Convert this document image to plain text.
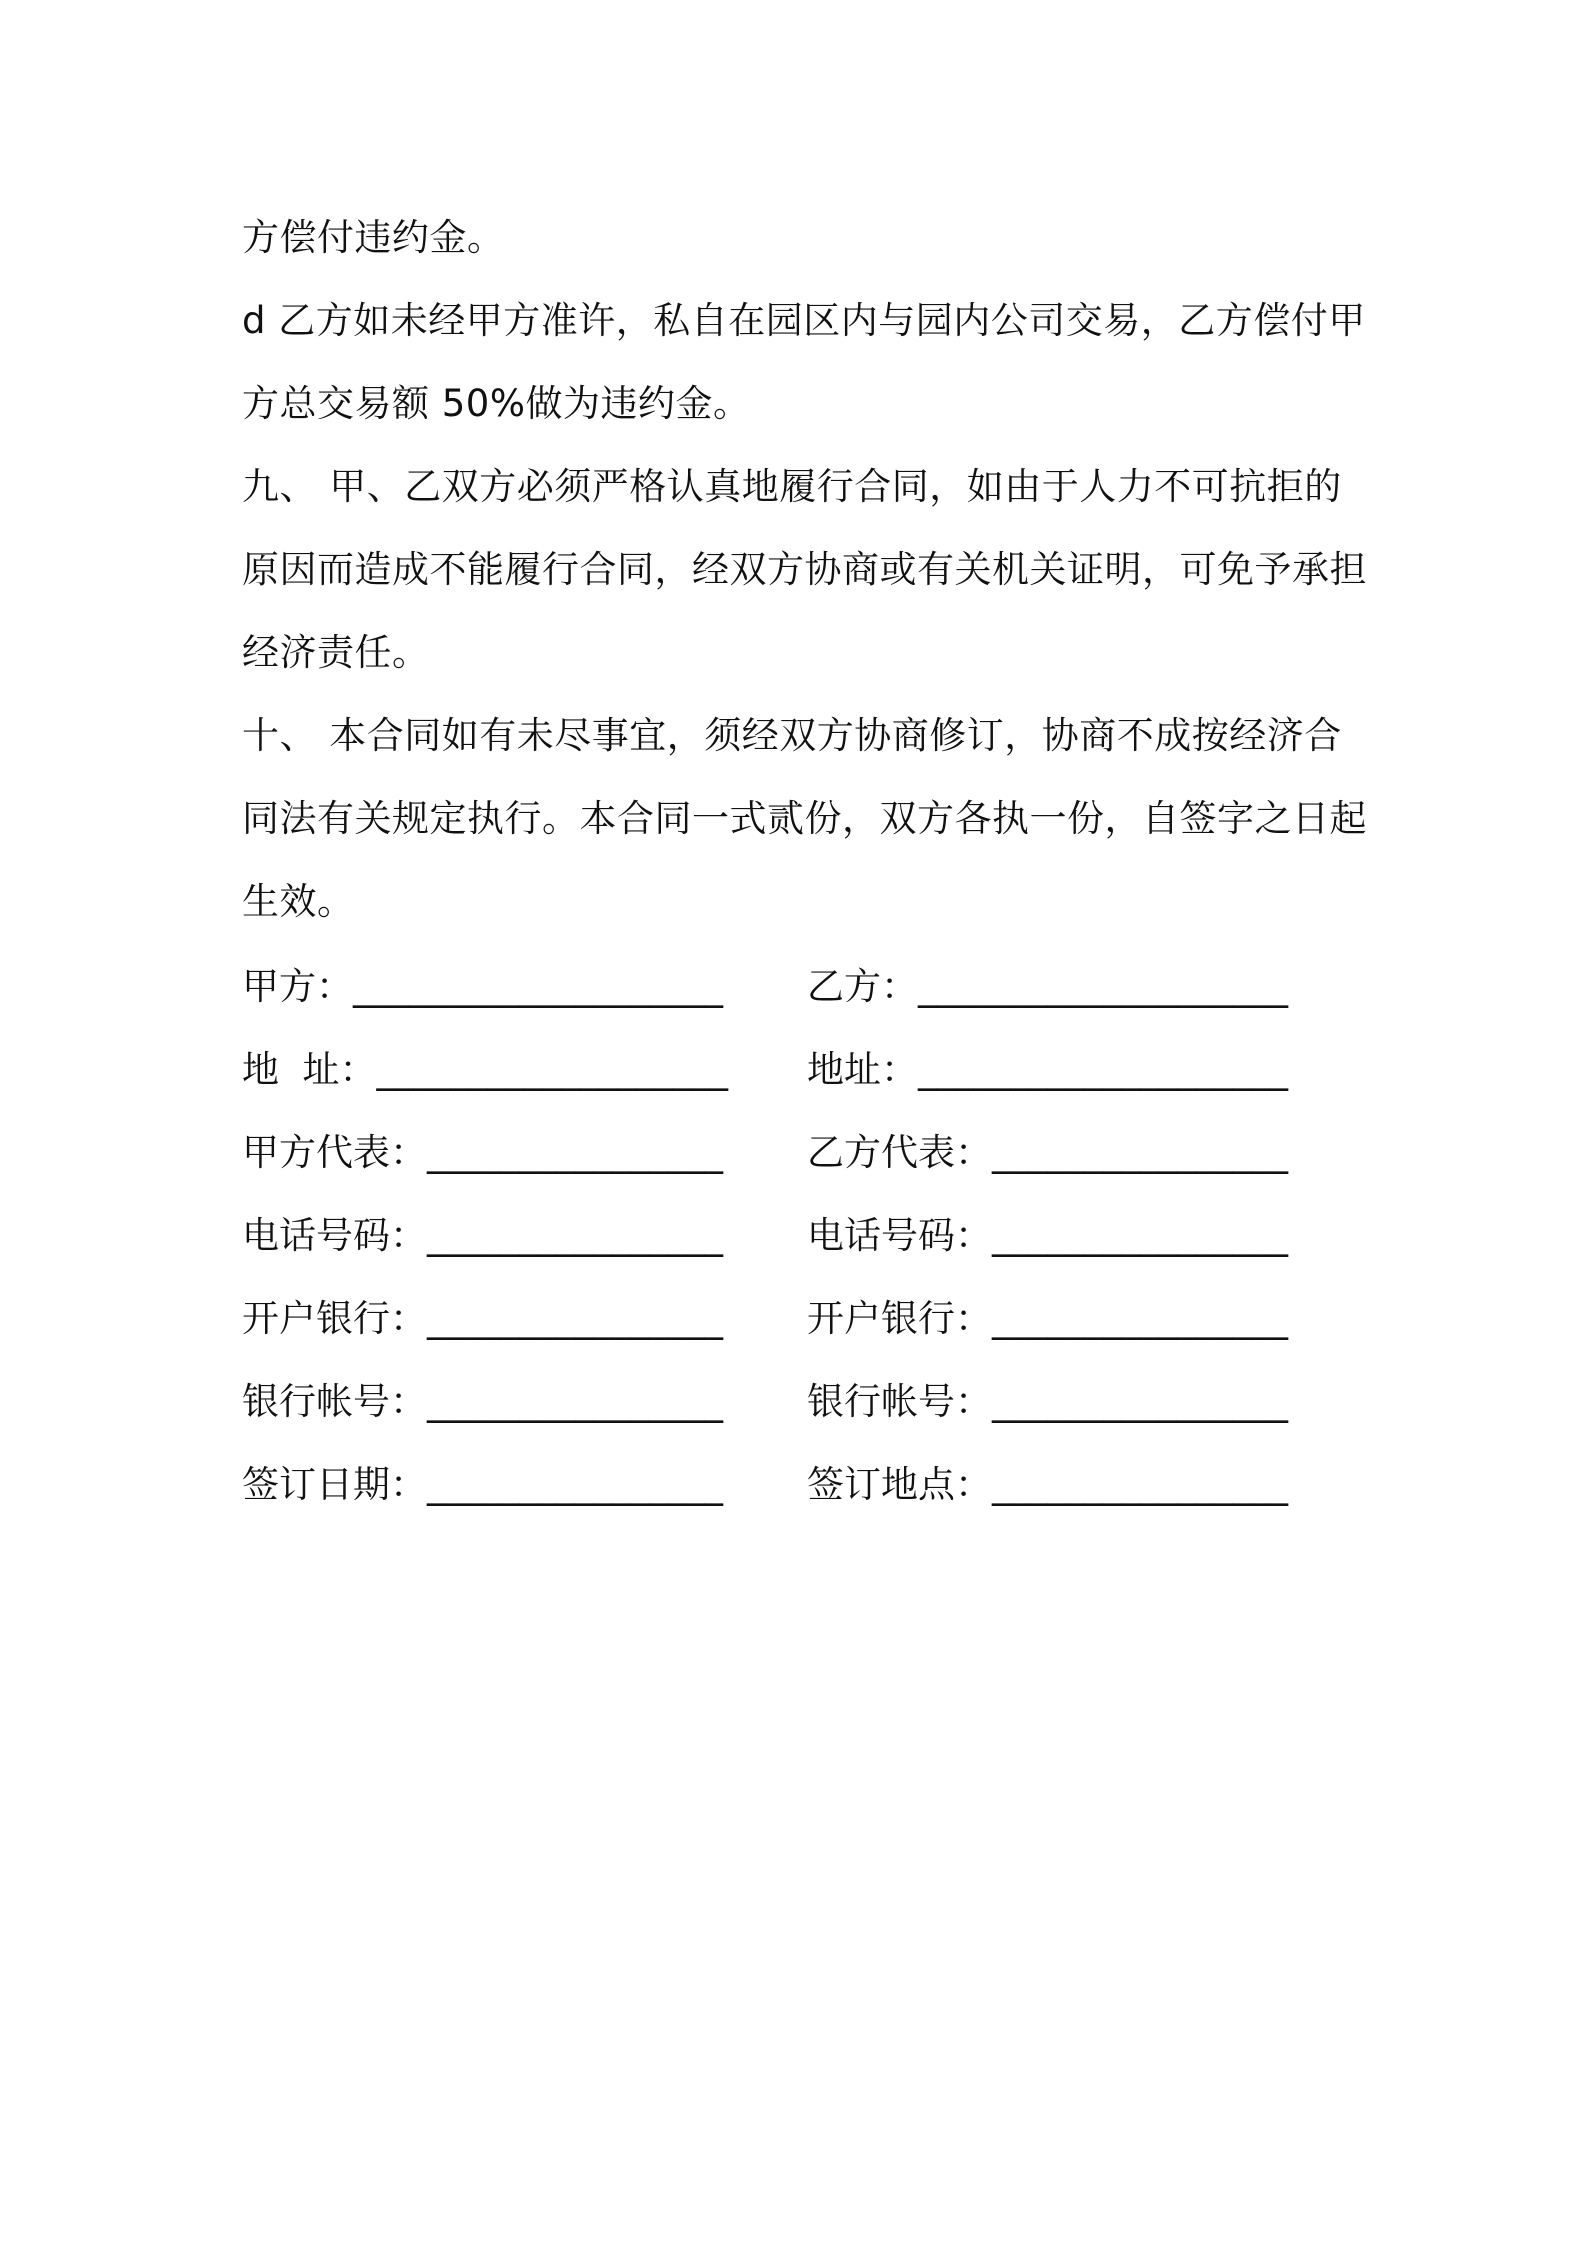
方偿付违约金。
d 乙方如未经甲方准许，私自在园区内与园内公司交易，乙方偿付甲
方总交易额 50%做为违约金。
九、 甲、乙双方必须严格认真地履行合同，如由于人力不可抗拒的
原因而造成不能履行合同，经双方协商或有关机关证明，可免予承担
经济责任。
十、 本合同如有未尽事宜，须经双方协商修订，协商不成按经济合
同法有关规定执行。本合同一式贰份，双方各执一份，自签字之日起
生效。
甲方：____________________ 乙方：____________________
地  址：___________________ 地址：____________________
甲方代表：________________ 乙方代表：________________
电话号码：________________ 电话号码：________________
开户银行：________________ 开户银行：________________
银行帐号：________________ 银行帐号：________________
签订日期：________________ 签订地点：________________
